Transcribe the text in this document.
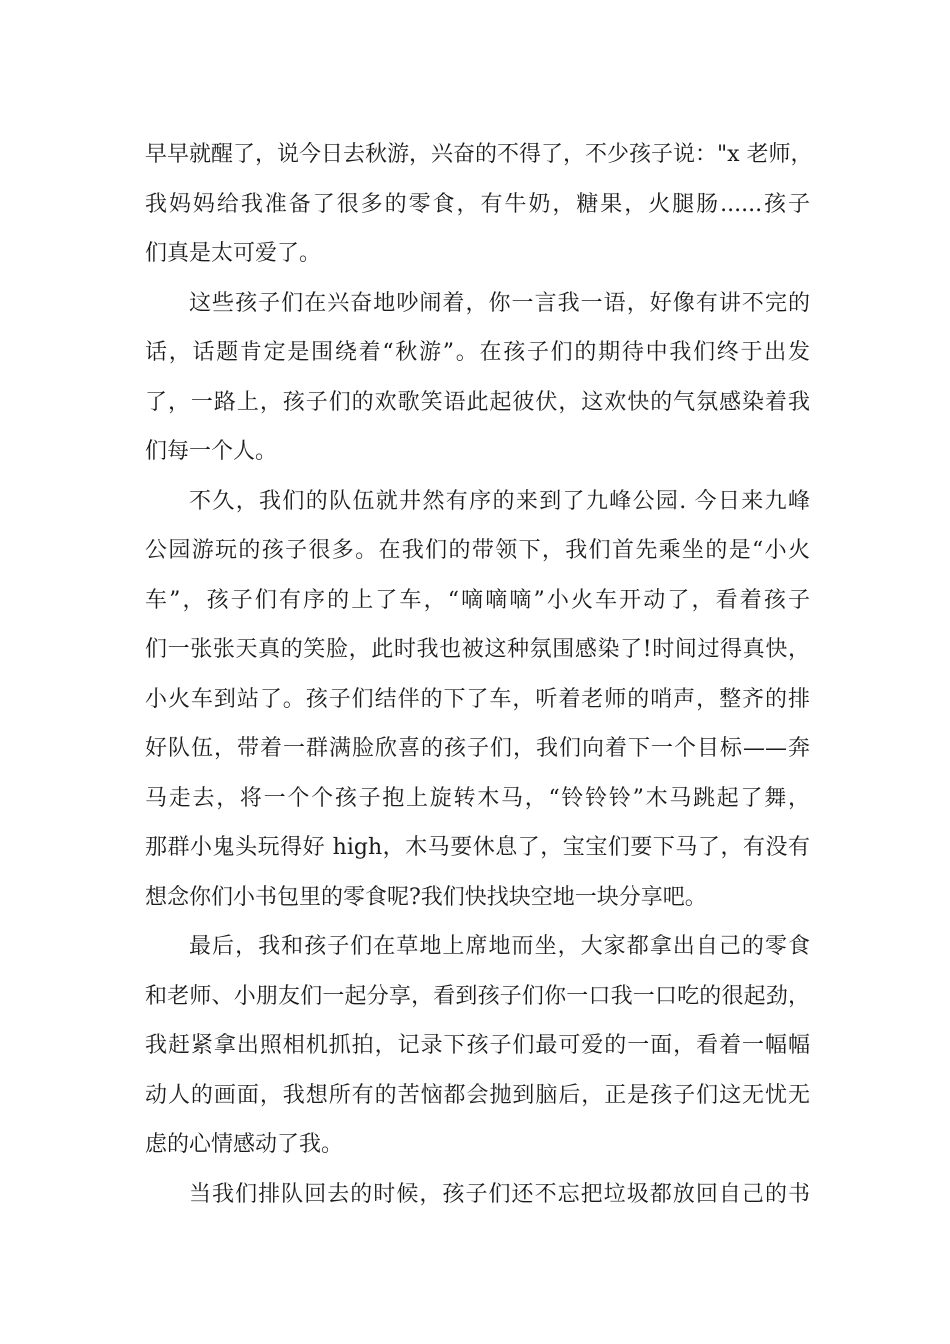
早早就醒了，说今日去秋游，兴奋的不得了，不少孩子说："x 老师，
我妈妈给我准备了很多的零食，有牛奶，糖果，火腿肠......孩子
们真是太可爱了。
这些孩子们在兴奋地吵闹着，你一言我一语，好像有讲不完的
话，话题肯定是围绕着“秋游”。在孩子们的期待中我们终于出发
了，一路上，孩子们的欢歌笑语此起彼伏，这欢快的气氛感染着我
们每一个人。
不久，我们的队伍就井然有序的来到了九峰公园. 今日来九峰
公园游玩的孩子很多。在我们的带领下，我们首先乘坐的是“小火
车”，孩子们有序的上了车，“嘀嘀嘀”小火车开动了，看着孩子
们一张张天真的笑脸，此时我也被这种氛围感染了!时间过得真快，
小火车到站了。孩子们结伴的下了车，听着老师的哨声，整齐的排
好队伍，带着一群满脸欣喜的孩子们，我们向着下一个目标——奔
马走去，将一个个孩子抱上旋转木马，“铃铃铃”木马跳起了舞，
那群小鬼头玩得好 high，木马要休息了，宝宝们要下马了，有没有
想念你们小书包里的零食呢?我们快找块空地一块分享吧。
最后，我和孩子们在草地上席地而坐，大家都拿出自己的零食
和老师、小朋友们一起分享，看到孩子们你一口我一口吃的很起劲，
我赶紧拿出照相机抓拍，记录下孩子们最可爱的一面，看着一幅幅
动人的画面，我想所有的苦恼都会抛到脑后，正是孩子们这无忧无
虑的心情感动了我。
当我们排队回去的时候，孩子们还不忘把垃圾都放回自己的书
